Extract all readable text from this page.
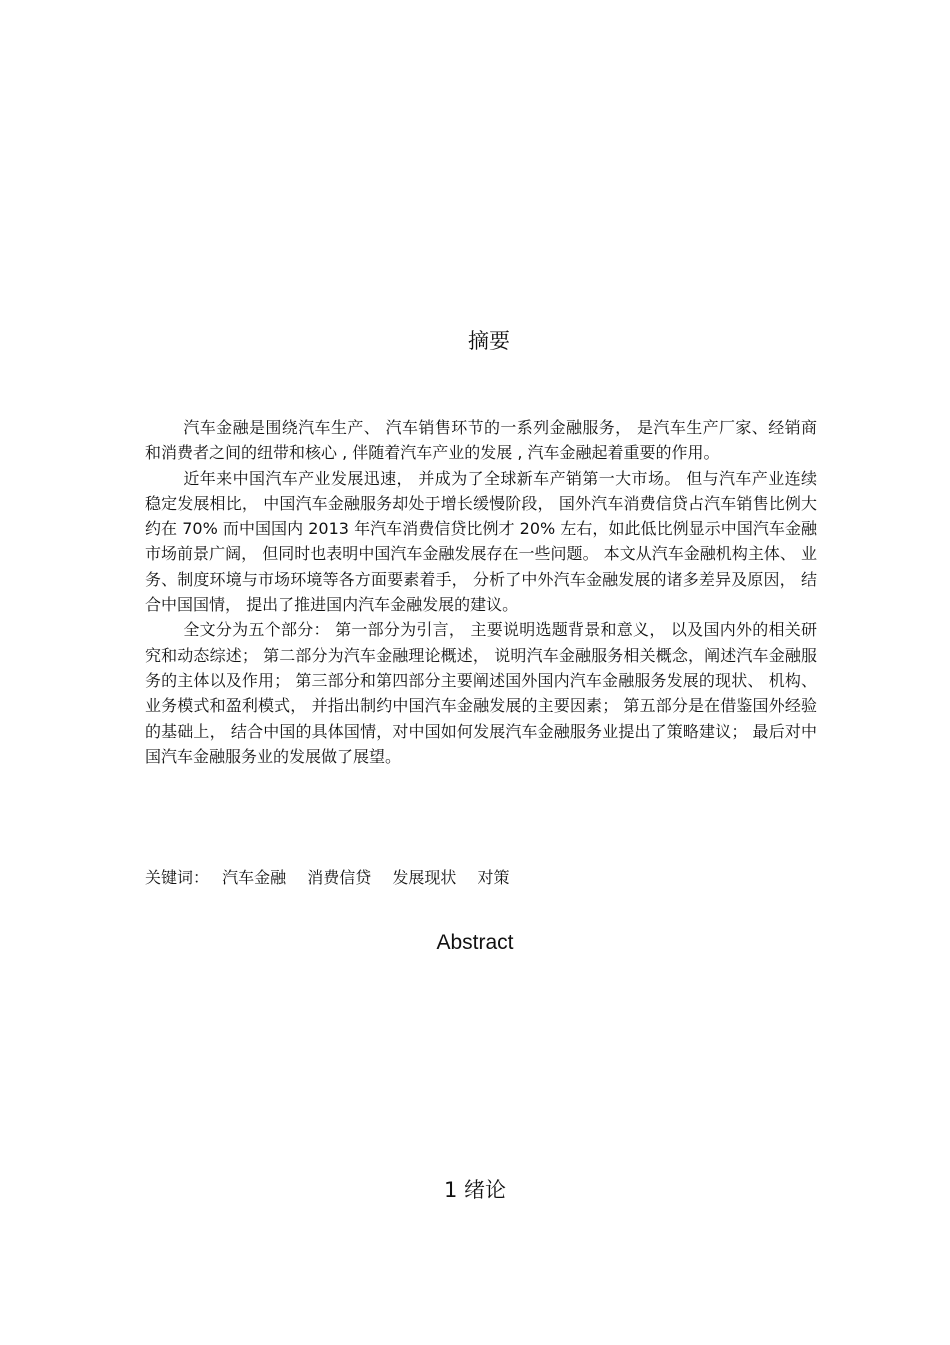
摘要

汽车金融是围绕汽车生产、 汽车销售环节的一系列金融服务， 是汽车生产厂家、经销商和消费者之间的纽带和核心 , 伴随着汽车产业的发展 , 汽车金融起着重要的作用。

近年来中国汽车产业发展迅速， 并成为了全球新车产销第一大市场。 但与汽车产业连续稳定发展相比， 中国汽车金融服务却处于增长缓慢阶段， 国外汽车消费信贷占汽车销售比例大约在 70% 而中国国内 2013 年汽车消费信贷比例才 20% 左右，如此低比例显示中国汽车金融市场前景广阔， 但同时也表明中国汽车金融发展存在一些问题。 本文从汽车金融机构主体、 业务、制度环境与市场环境等各方面要素着手， 分析了中外汽车金融发展的诸多差异及原因， 结合中国国情， 提出了推进国内汽车金融发展的建议。

全文分为五个部分： 第一部分为引言， 主要说明选题背景和意义， 以及国内外的相关研究和动态综述； 第二部分为汽车金融理论概述， 说明汽车金融服务相关概念，阐述汽车金融服务的主体以及作用； 第三部分和第四部分主要阐述国外国内汽车金融服务发展的现状、 机构、业务模式和盈利模式， 并指出制约中国汽车金融发展的主要因素； 第五部分是在借鉴国外经验的基础上， 结合中国的具体国情，对中国如何发展汽车金融服务业提出了策略建议； 最后对中国汽车金融服务业的发展做了展望。

关键词： 汽车金融 消费信贷 发展现状 对策
Abstract
1 绪论
